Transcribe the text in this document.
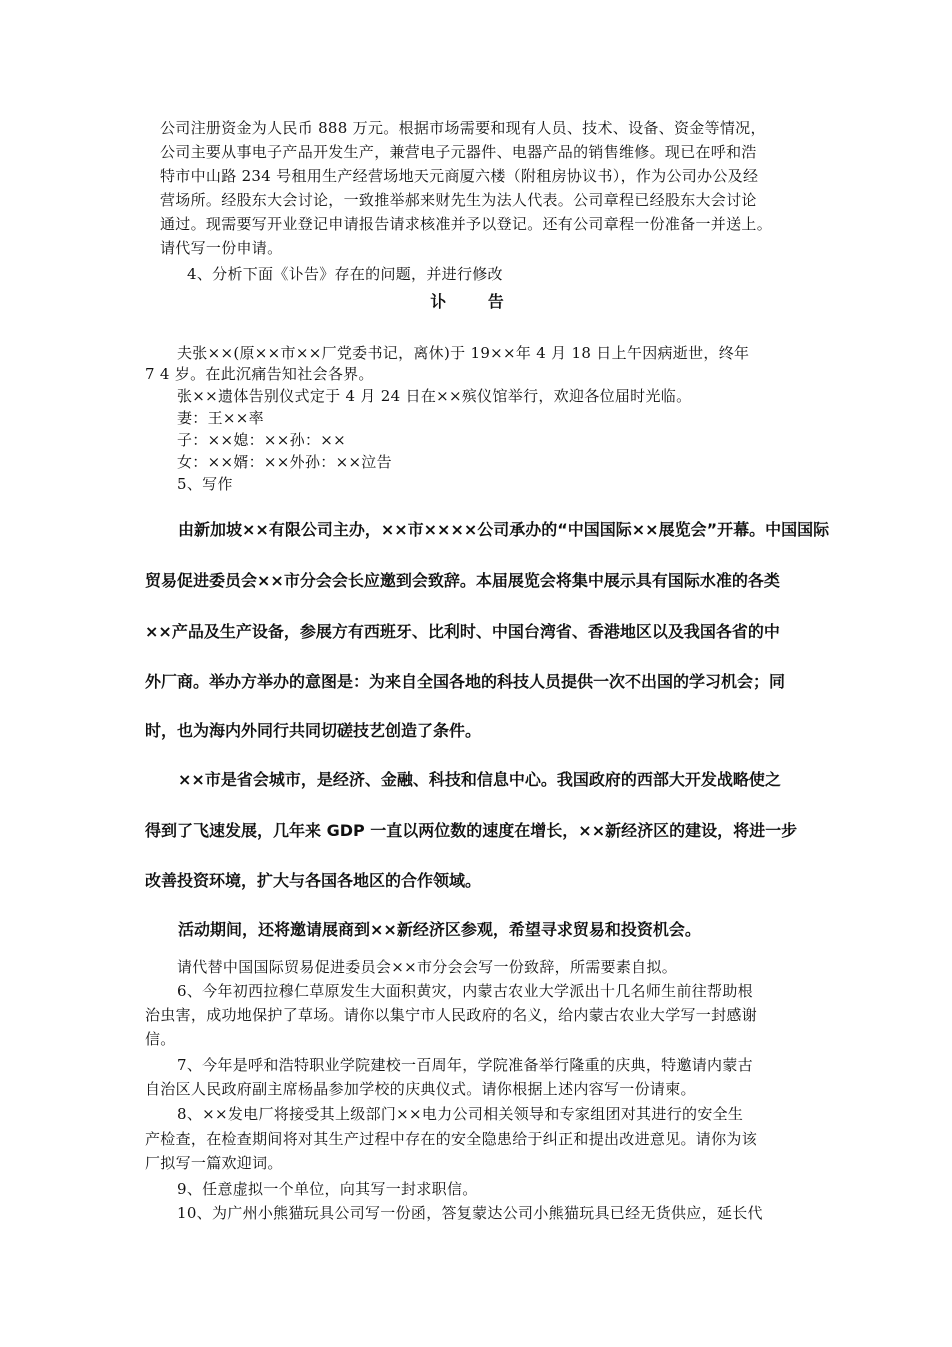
公司注册资金为人民币 888 万元。根据市场需要和现有人员、技术、设备、资金等情况，
公司主要从事电子产品开发生产，兼营电子元器件、电器产品的销售维修。现已在呼和浩
特市中山路 234 号租用生产经营场地天元商厦六楼（附租房协议书），作为公司办公及经
营场所。经股东大会讨论，一致推举郝来财先生为法人代表。公司章程已经股东大会讨论
通过。现需要写开业登记申请报告请求核准并予以登记。还有公司章程一份准备一并送上。
请代写一份申请。
4、分析下面《讣告》存在的问题，并进行修改
讣 告
夫张××(原××市××厂党委书记，离休)于 19××年 4 月 18 日上午因病逝世，终年
7 4 岁。在此沉痛告知社会各界。
张××遗体告别仪式定于 4 月 24 日在××殡仪馆举行，欢迎各位届时光临。
妻：王××率
子：××媳：××孙：××
女：××婿：××外孙：××泣告
5、写作
由新加坡××有限公司主办，××市××××公司承办的“中国国际××展览会”开幕。中国国际
贸易促进委员会××市分会会长应邀到会致辞。本届展览会将集中展示具有国际水准的各类
××产品及生产设备，参展方有西班牙、比利时、中国台湾省、香港地区以及我国各省的中
外厂商。举办方举办的意图是：为来自全国各地的科技人员提供一次不出国的学习机会；同
时，也为海内外同行共同切磋技艺创造了条件。
××市是省会城市，是经济、金融、科技和信息中心。我国政府的西部大开发战略使之
得到了飞速发展，几年来 GDP 一直以两位数的速度在增长，××新经济区的建设，将进一步
改善投资环境，扩大与各国各地区的合作领域。
活动期间，还将邀请展商到××新经济区参观，希望寻求贸易和投资机会。
请代替中国国际贸易促进委员会××市分会会写一份致辞，所需要素自拟。
6、今年初西拉穆仁草原发生大面积黄灾，内蒙古农业大学派出十几名师生前往帮助根
治虫害，成功地保护了草场。请你以集宁市人民政府的名义，给内蒙古农业大学写一封感谢
信。
7、今年是呼和浩特职业学院建校一百周年，学院准备举行隆重的庆典，特邀请内蒙古
自治区人民政府副主席杨晶参加学校的庆典仪式。请你根据上述内容写一份请柬。
8、××发电厂将接受其上级部门××电力公司相关领导和专家组团对其进行的安全生
产检查，在检查期间将对其生产过程中存在的安全隐患给于纠正和提出改进意见。请你为该
厂拟写一篇欢迎词。
9、任意虚拟一个单位，向其写一封求职信。
10、为广州小熊猫玩具公司写一份函，答复蒙达公司小熊猫玩具已经无货供应，延长代
